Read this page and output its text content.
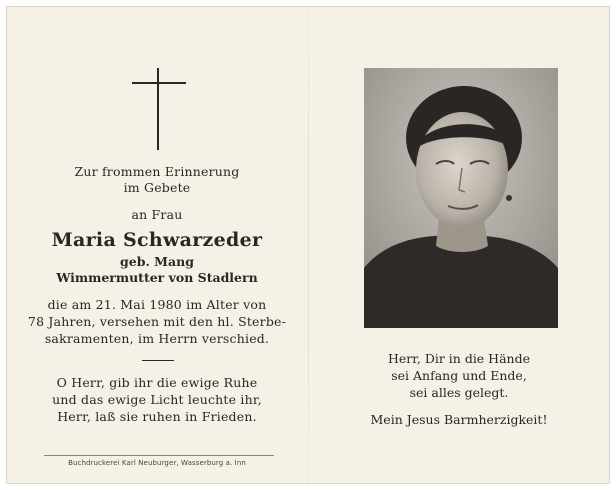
Zur frommen Erinnerung
im Gebete
an Frau
Maria Schwarzeder
geb. Mang
Wimmermutter von Stadlern
die am 21. Mai 1980 im Alter von
78 Jahren, versehen mit den hl. Sterbe-
sakramenten, im Herrn verschied.
O Herr, gib ihr die ewige Ruhe
und das ewige Licht leuchte ihr,
Herr, laß sie ruhen in Frieden.
Buchdruckerei Karl Neuburger, Wasserburg a. Inn
Herr, Dir in die Hände
sei Anfang und Ende,
sei alles gelegt.
Mein Jesus Barmherzigkeit!
